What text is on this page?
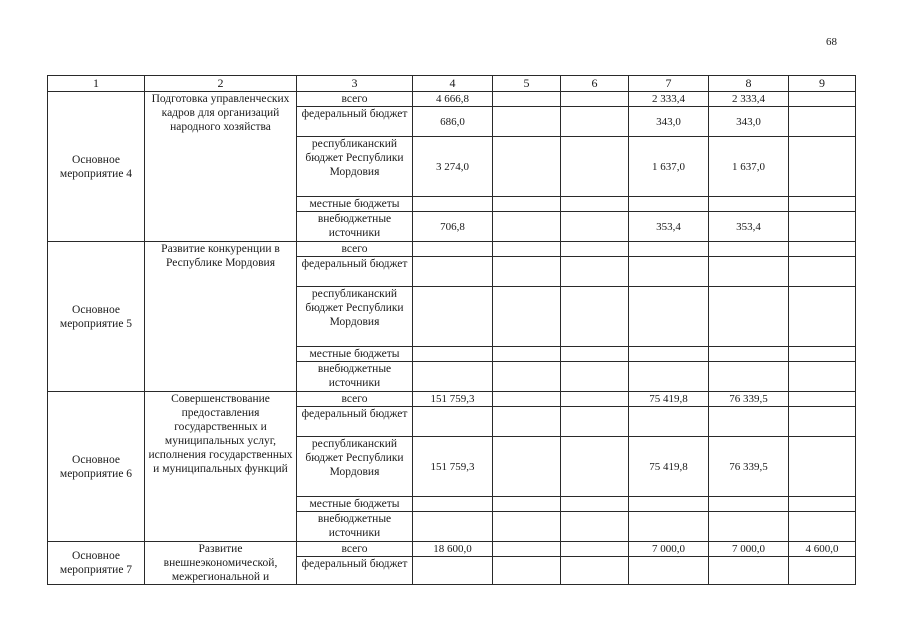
68
1	2	3	4	5	6	7	8	9
Основное мероприятие 4	Подготовка управленческих кадров для организаций народного хозяйства	всего	4 666,8			2 333,4	2 333,4	
		федеральный бюджет	686,0			343,0	343,0	
		республиканский бюджет Республики Мордовия	3 274,0			1 637,0	1 637,0	
		местные бюджеты						
		внебюджетные источники	706,8			353,4	353,4	
Основное мероприятие 5	Развитие конкуренции в Республике Мордовия	всего						
		федеральный бюджет						
		республиканский бюджет Республики Мордовия						
		местные бюджеты						
		внебюджетные источники						
Основное мероприятие 6	Совершенствование предоставления государственных и муниципальных услуг, исполнения государственных и муниципальных функций	всего	151 759,3			75 419,8	76 339,5	
		федеральный бюджет						
		республиканский бюджет Республики Мордовия	151 759,3			75 419,8	76 339,5	
		местные бюджеты						
		внебюджетные источники						
Основное мероприятие 7	Развитие внешнеэкономической, межрегиональной и	всего	18 600,0			7 000,0	7 000,0	4 600,0
		федеральный бюджет						
